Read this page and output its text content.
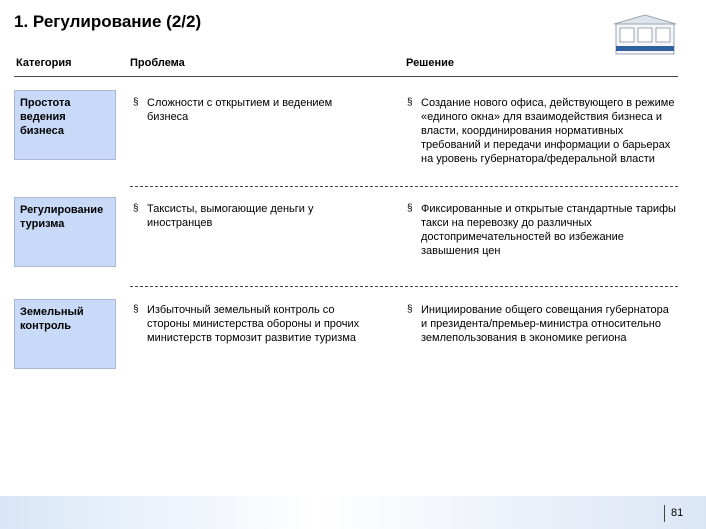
1. Регулирование (2/2)
Категория	Проблема	Решение
Простота ведения бизнеса
§ Сложности с открытием и ведением бизнеса
§ Создание нового офиса, действующего в режиме «единого окна» для взаимодействия бизнеса и власти, координирования нормативных требований и передачи информации о барьерах на уровень губернатора/федеральной власти
Регулирование туризма
§ Таксисты, вымогающие деньги у иностранцев
§ Фиксированные и открытые стандартные тарифы такси на перевозку до различных достопримечательностей во избежание завышения цен
Земельный контроль
§ Избыточный земельный контроль со стороны министерства обороны и прочих министерств тормозит развитие туризма
§ Инициирование общего совещания губернатора и президента/премьер-министра относительно землепользования в экономике региона
81
